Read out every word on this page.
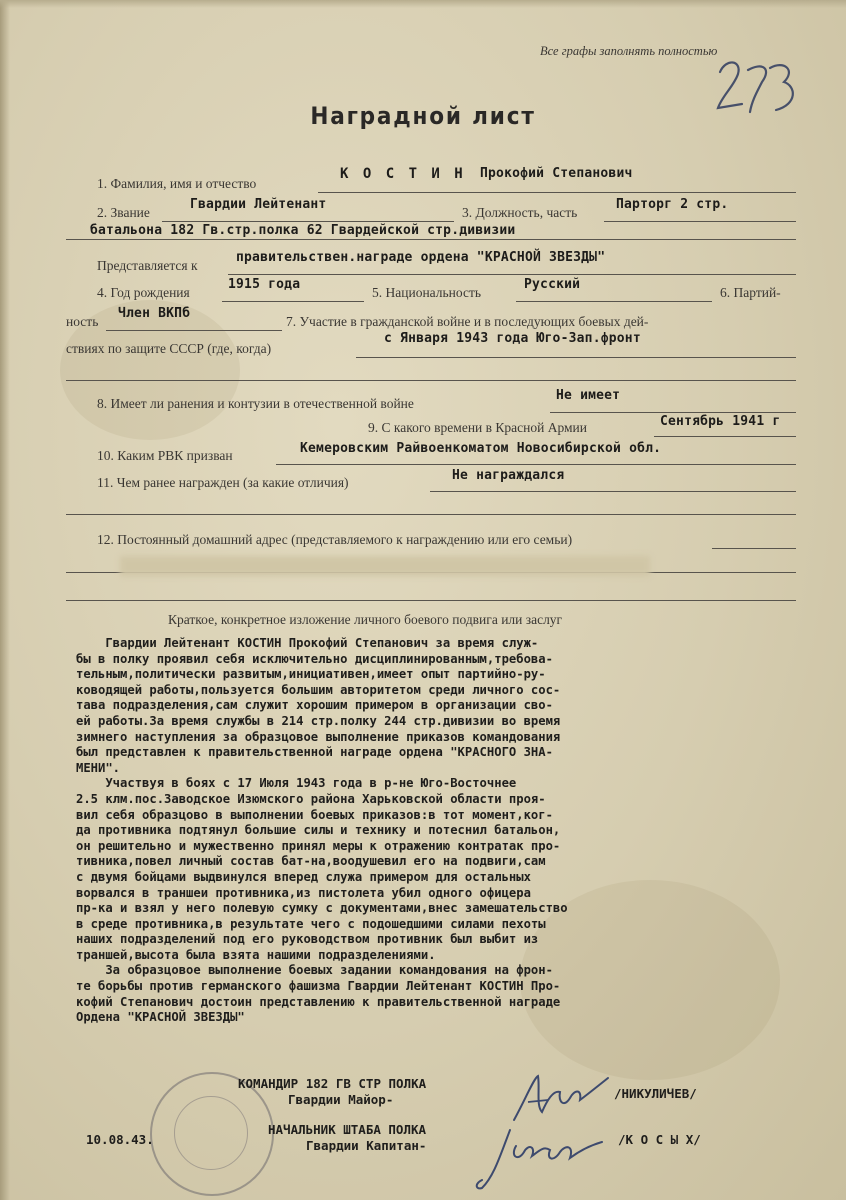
Все графы заполнять полностью
Наградной лист
1. Фамилия, имя и отчество
К О С Т И Н Прокофий Степанович
2. Звание
Гвардии Лейтенант
3. Должность, часть
Парторг 2 стр.
батальона 182 Гв.стр.полка 62 Гвардейской стр.дивизии
Представляется к
правительствен.награде ордена "КРАСНОЙ ЗВЕЗДЫ"
4. Год рождения
1915 года
5. Национальность
Русский
6. Партий-
ность
Член ВКПб
7. Участие в гражданской войне и в последующих боевых дей-
ствиях по защите СССР (где, когда)
с Января 1943 года Юго-Зап.фронт
8. Имеет ли ранения и контузии в отечественной войне
Не имеет
9. С какого времени в Красной Армии	Сентябрь 1941 г
10. Каким РВК призван	Кемеровским Райвоенкоматом Новосибирской обл.
11. Чем ранее награжден (за какие отличия)	Не награждался
12. Постоянный домашний адрес (представляемого к награждению или его семьи)
Краткое, конкретное изложение личного боевого подвига или заслуг

Гвардии Лейтенант КОСТИН Прокофий Степанович за время служ-

бы в полку проявил себя исключительно дисциплинированным,требова-

тельным,политически развитым,инициативен,имеет опыт партийно-ру-

ководящей работы,пользуется большим авторитетом среди личного сос-

тава подразделения,сам служит хорошим примером в организации сво-

ей работы.За время службы в 214 стр.полку 244 стр.дивизии во время

зимнего наступления за образцовое выполнение приказов командования

был представлен к правительственной награде ордена "КРАСНОГО ЗНА-

МЕНИ".

Участвуя в боях с 17 Июля 1943 года в р-не Юго-Восточнее

2.5 клм.пос.Заводское Изюмского района Харьковской области проя-

вил себя образцово в выполнении боевых приказов:в тот момент,ког-

да противника подтянул большие силы и технику и потеснил батальон,

он решительно и мужественно принял меры к отражению контратак про-

тивника,повел личный состав бат-на,воодушевил его на подвиги,сам

с двумя бойцами выдвинулся вперед служа примером для остальных

ворвался в траншеи противника,из пистолета убил одного офицера

пр-ка и взял у него полевую сумку с документами,внес замешательство

в среде противника,в результате чего с подошедшими силами пехоты

наших подразделений под его руководством противник был выбит из

траншей,высота была взята нашими подразделениями.

За образцовое выполнение боевых задании командования на фрон-

те борьбы против германского фашизма Гвардии Лейтенант КОСТИН Про-

кофий Степанович достоин представлению к правительственной награде

Ордена "КРАСНОЙ ЗВЕЗДЫ"

КОМАНДИР 182 ГВ СТР ПОЛКА
Гвардии Майор-	/НИКУЛИЧЕВ/
НАЧАЛЬНИК ШТАБА ПОЛКА
Гвардии Капитан-	/К О С Ы Х/
10.08.43.
